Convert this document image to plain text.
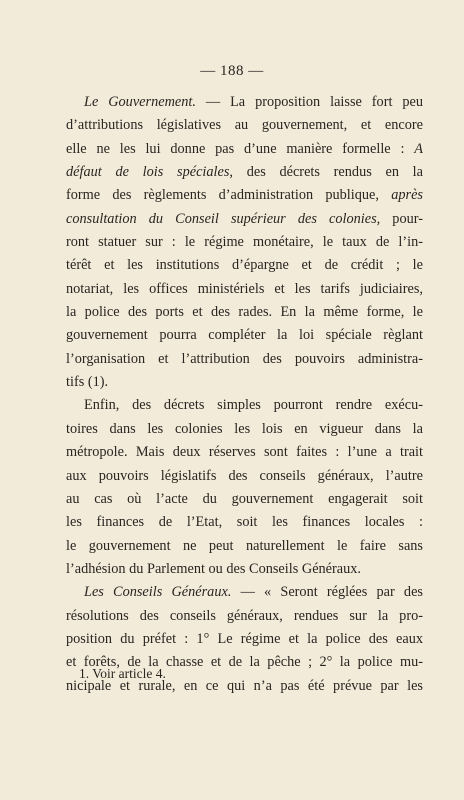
— 188 —
Le Gouvernement. — La proposition laisse fort peu
d’attributions législatives au gouvernement, et encore
elle ne les lui donne pas d’une manière formelle : A
défaut de lois spéciales, des décrets rendus en la
forme des règlements d’administration publique, après
consultation du Conseil supérieur des colonies, pour-
ront statuer sur : le régime monétaire, le taux de l’in-
térêt et les institutions d’épargne et de crédit ; le
notariat, les offices ministériels et les tarifs judiciaires,
la police des ports et des rades. En la même forme, le
gouvernement pourra compléter la loi spéciale règlant
l’organisation et l’attribution des pouvoirs administra-
tifs (1).
Enfin, des décrets simples pourront rendre exécu-
toires dans les colonies les lois en vigueur dans la
métropole. Mais deux réserves sont faites : l’une a trait
aux pouvoirs législatifs des conseils généraux, l’autre
au cas où l’acte du gouvernement engagerait soit
les finances de l’Etat, soit les finances locales :
le gouvernement ne peut naturellement le faire sans
l’adhésion du Parlement ou des Conseils Généraux.
Les Conseils Généraux. — « Seront réglées par des
résolutions des conseils généraux, rendues sur la pro-
position du préfet : 1° Le régime et la police des eaux
et forêts, de la chasse et de la pêche ; 2° la police mu-
nicipale et rurale, en ce qui n’a pas été prévue par les
1. Voir article 4.
